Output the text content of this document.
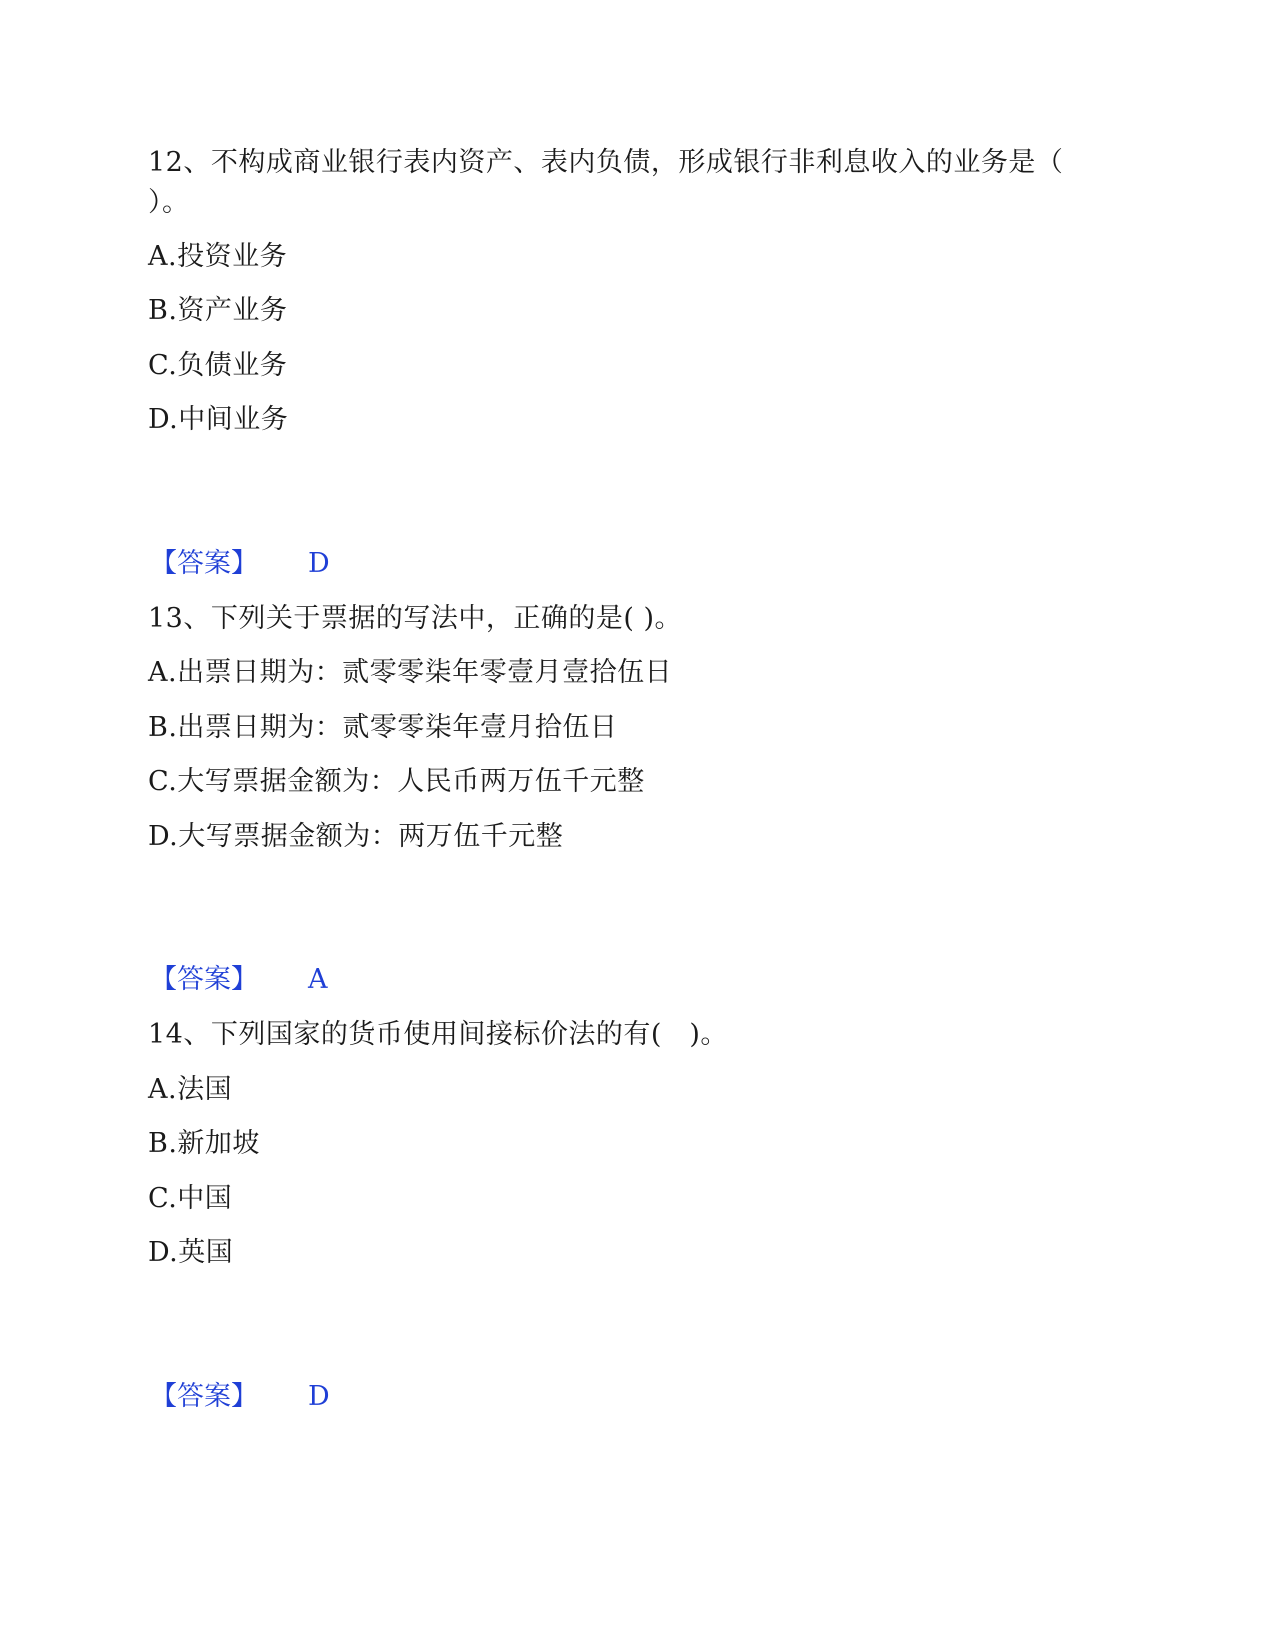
12、不构成商业银行表内资产、表内负债，形成银行非利息收入的业务是（
）。
A.投资业务
B.资产业务
C.负债业务
D.中间业务
【答案】 D
13、下列关于票据的写法中，正确的是( )。
A.出票日期为：贰零零柒年零壹月壹拾伍日
B.出票日期为：贰零零柒年壹月拾伍日
C.大写票据金额为：人民币两万伍千元整
D.大写票据金额为：两万伍千元整
【答案】 A
14、下列国家的货币使用间接标价法的有(　)。
A.法国
B.新加坡
C.中国
D.英国
【答案】 D
